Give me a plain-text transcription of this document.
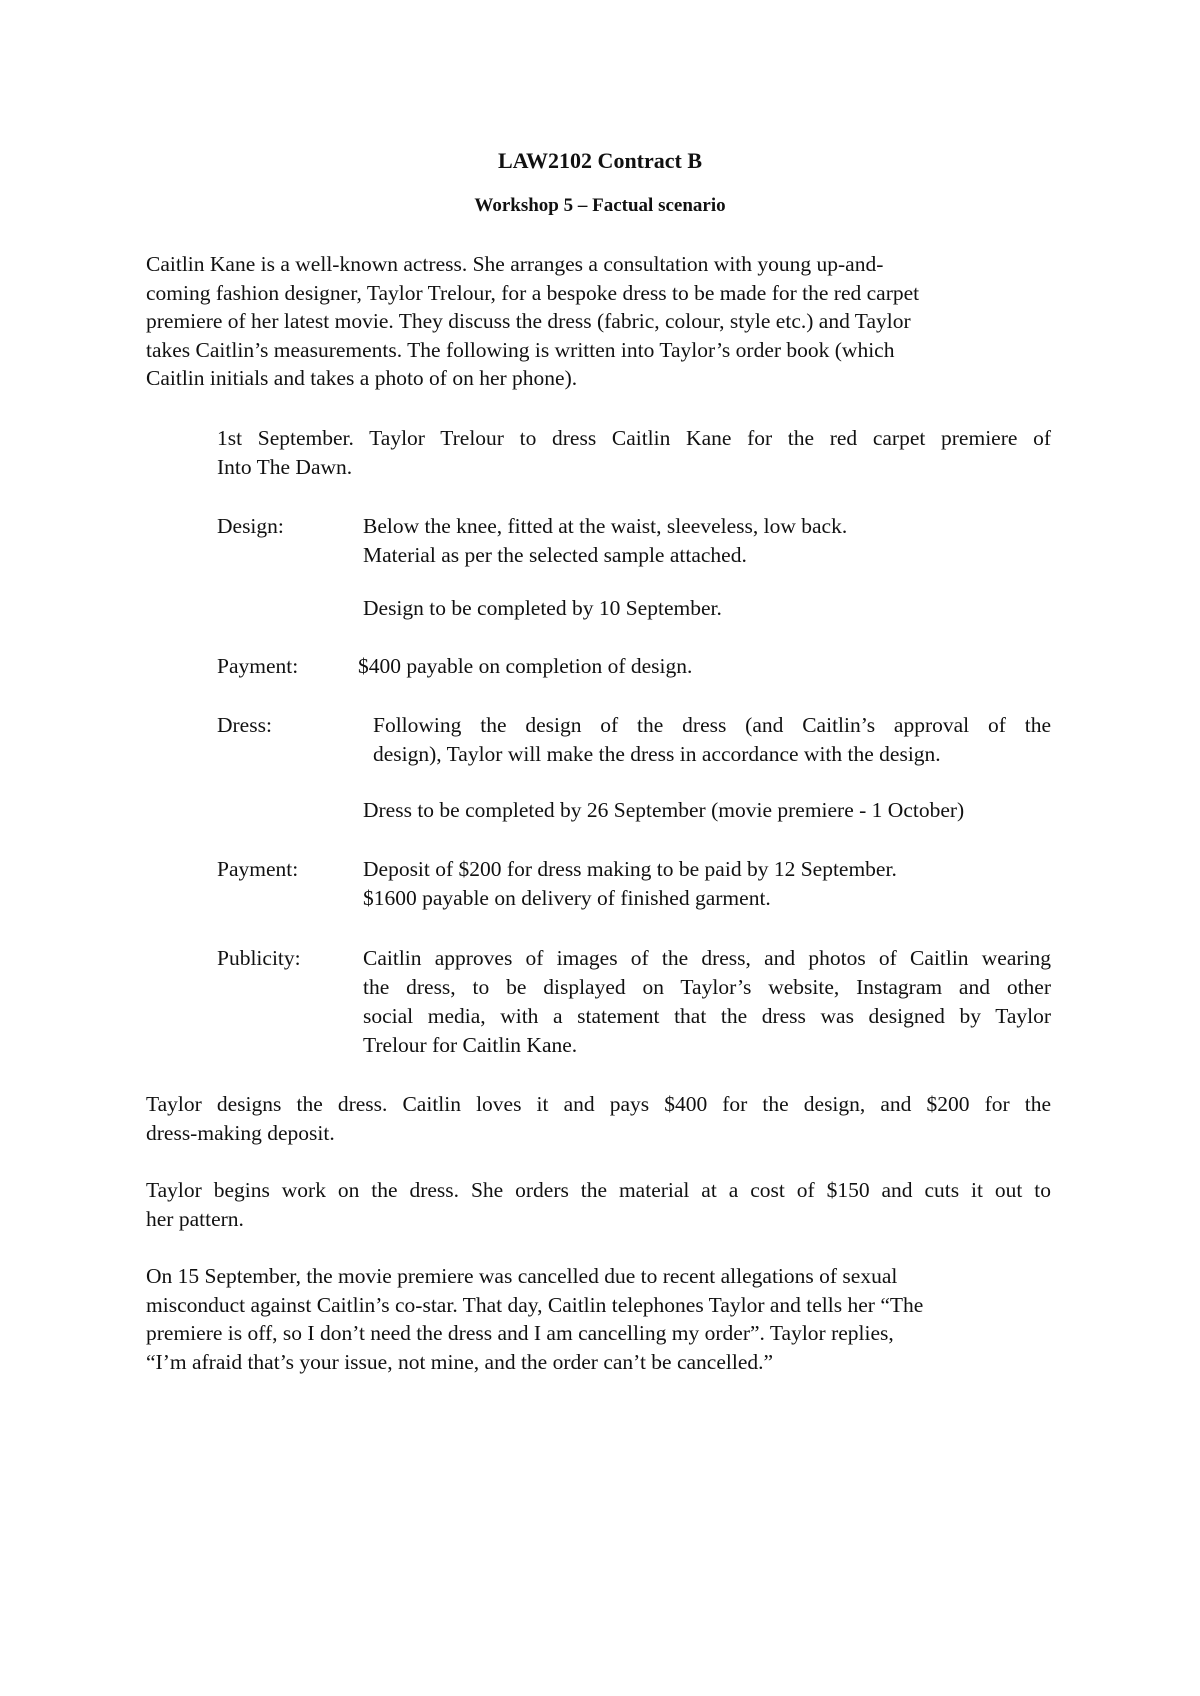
LAW2102 Contract B
Workshop 5 – Factual scenario
Caitlin Kane is a well-known actress. She arranges a consultation with young up-and-
coming fashion designer, Taylor Trelour, for a bespoke dress to be made for the red carpet
premiere of her latest movie. They discuss the dress (fabric, colour, style etc.) and Taylor
takes Caitlin’s measurements. The following is written into Taylor’s order book (which
Caitlin initials and takes a photo of on her phone).
1st September. Taylor Trelour to dress Caitlin Kane for the red carpet premiere of
Into The Dawn.
Design:	Below the knee, fitted at the waist, sleeveless, low back.
Material as per the selected sample attached.
Design to be completed by 10 September.
Payment:	$400 payable on completion of design.
Dress:	Following the design of the dress (and Caitlin’s approval of the
design), Taylor will make the dress in accordance with the design.
Dress to be completed by 26 September (movie premiere - 1 October)
Payment:	Deposit of $200 for dress making to be paid by 12 September.
$1600 payable on delivery of finished garment.
Publicity:	Caitlin approves of images of the dress, and photos of Caitlin wearing
the dress, to be displayed on Taylor’s website, Instagram and other
social media, with a statement that the dress was designed by Taylor
Trelour for Caitlin Kane.
Taylor designs the dress. Caitlin loves it and pays $400 for the design, and $200 for the
dress-making deposit.
Taylor begins work on the dress. She orders the material at a cost of $150 and cuts it out to
her pattern.
On 15 September, the movie premiere was cancelled due to recent allegations of sexual
misconduct against Caitlin’s co-star. That day, Caitlin telephones Taylor and tells her “The
premiere is off, so I don’t need the dress and I am cancelling my order”. Taylor replies,
“I’m afraid that’s your issue, not mine, and the order can’t be cancelled.”
